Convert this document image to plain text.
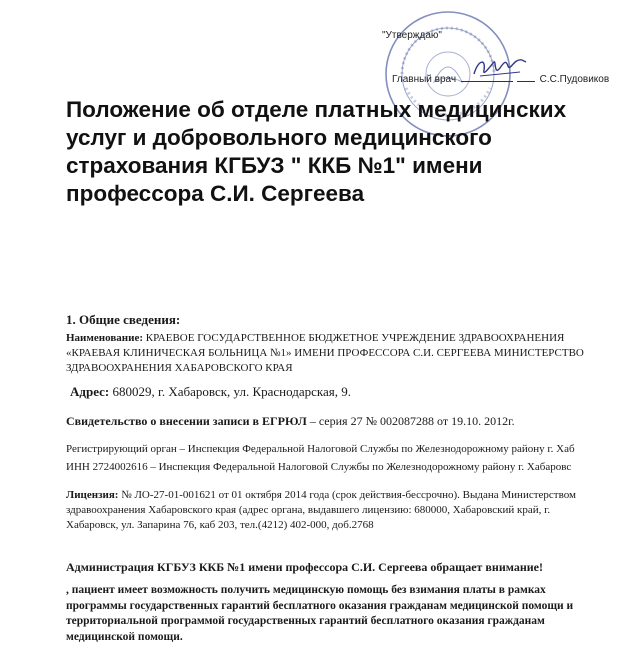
"Утверждаю"
Главный врач	С.С.Пудовиков
Положение об отделе платных медицинских услуг и добровольного медицинского страхования КГБУЗ " ККБ №1" имени профессора С.И. Сергеева
1. Общие сведения:
Наименование: КРАЕВОЕ ГОСУДАРСТВЕННОЕ БЮДЖЕТНОЕ УЧРЕЖДЕНИЕ ЗДРАВООХРАНЕНИЯ «КРАЕВАЯ КЛИНИЧЕСКАЯ БОЛЬНИЦА №1» ИМЕНИ ПРОФЕССОРА С.И. СЕРГЕЕВА МИНИСТЕРСТВО ЗДРАВООХРАНЕНИЯ ХАБАРОВСКОГО КРАЯ
Адрес: 680029, г. Хабаровск, ул. Краснодарская, 9.
Свидетельство о внесении записи в ЕГРЮЛ – серия 27 № 002087288 от 19.10. 2012г.
Регистрирующий орган – Инспекция Федеральной Налоговой Службы по Железнодорожному району г. Хаб
ИНН 2724002616 – Инспекция Федеральной Налоговой Службы по Железнодорожному району г. Хабаровс
Лицензия: № ЛО-27-01-001621 от 01 октября 2014 года (срок действия-бессрочно). Выдана Министерством здравоохранения Хабаровского края (адрес органа, выдавшего лицензию: 680000, Хабаровский край, г. Хабаровск, ул. Запарина 76, каб 203, тел.(4212) 402-000, доб.2768
Администрация КГБУЗ ККБ №1 имени профессора С.И. Сергеева обращает внимание!
, пациент имеет возможность получить медицинскую помощь без взимания платы в рамках программы государственных гарантий бесплатного оказания гражданам медицинской помощи и территориальной программой государственных гарантий бесплатного оказания гражданам медицинской помощи.
